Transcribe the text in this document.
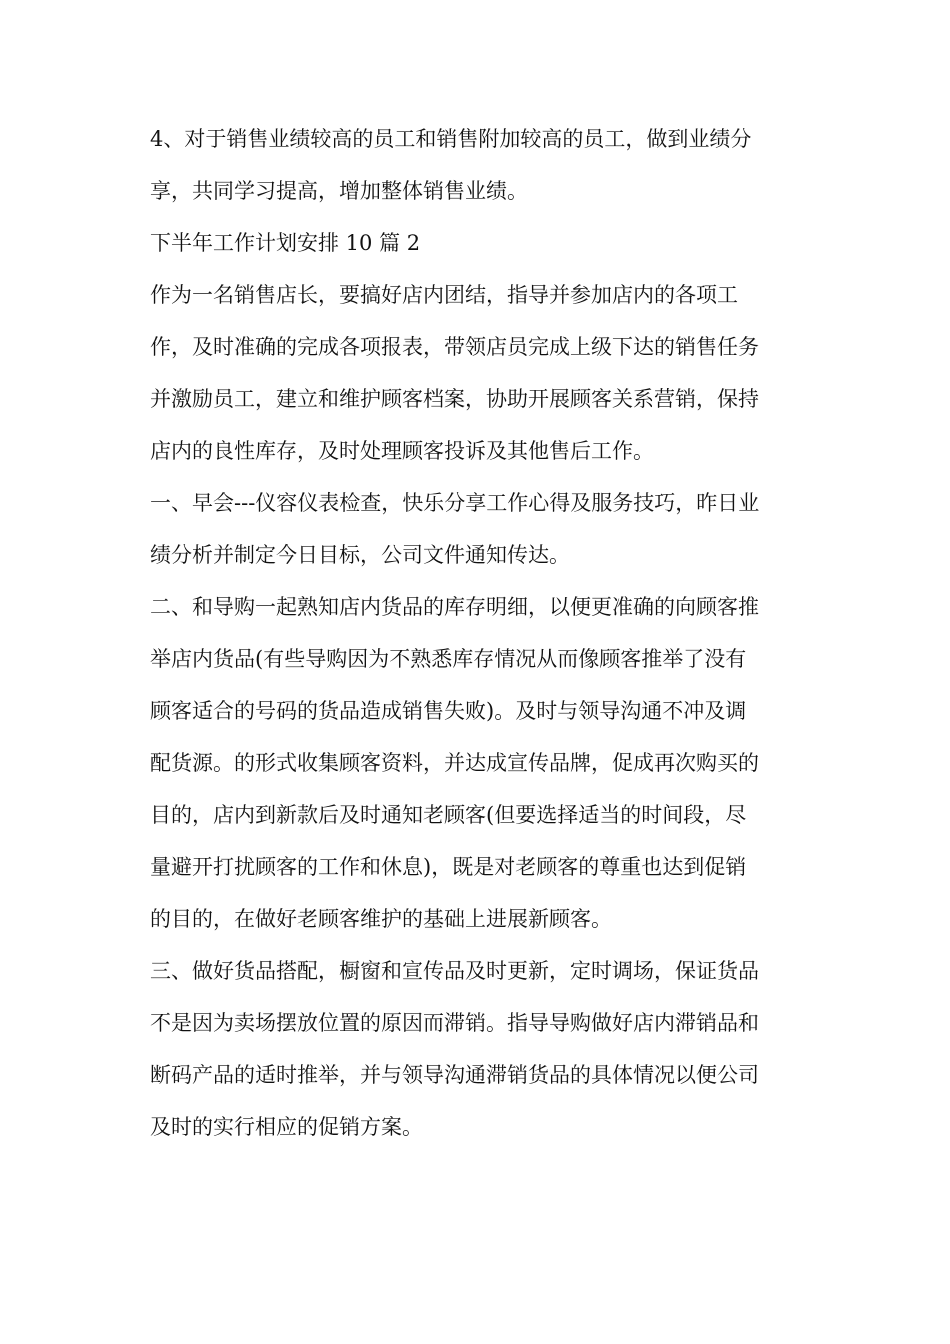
4、对于销售业绩较高的员工和销售附加较高的员工，做到业绩分
享，共同学习提高，增加整体销售业绩。
下半年工作计划安排 10 篇 2
作为一名销售店长，要搞好店内团结，指导并参加店内的各项工
作，及时准确的完成各项报表，带领店员完成上级下达的销售任务
并激励员工，建立和维护顾客档案，协助开展顾客关系营销，保持
店内的良性库存，及时处理顾客投诉及其他售后工作。
一、早会---仪容仪表检查，快乐分享工作心得及服务技巧，昨日业
绩分析并制定今日目标，公司文件通知传达。
二、和导购一起熟知店内货品的库存明细，以便更准确的向顾客推
举店内货品(有些导购因为不熟悉库存情况从而像顾客推举了没有
顾客适合的号码的货品造成销售失败)。及时与领导沟通不冲及调
配货源。的形式收集顾客资料，并达成宣传品牌，促成再次购买的
目的，店内到新款后及时通知老顾客(但要选择适当的时间段，尽
量避开打扰顾客的工作和休息)，既是对老顾客的尊重也达到促销
的目的，在做好老顾客维护的基础上进展新顾客。
三、做好货品搭配，橱窗和宣传品及时更新，定时调场，保证货品
不是因为卖场摆放位置的原因而滞销。指导导购做好店内滞销品和
断码产品的适时推举，并与领导沟通滞销货品的具体情况以便公司
及时的实行相应的促销方案。
